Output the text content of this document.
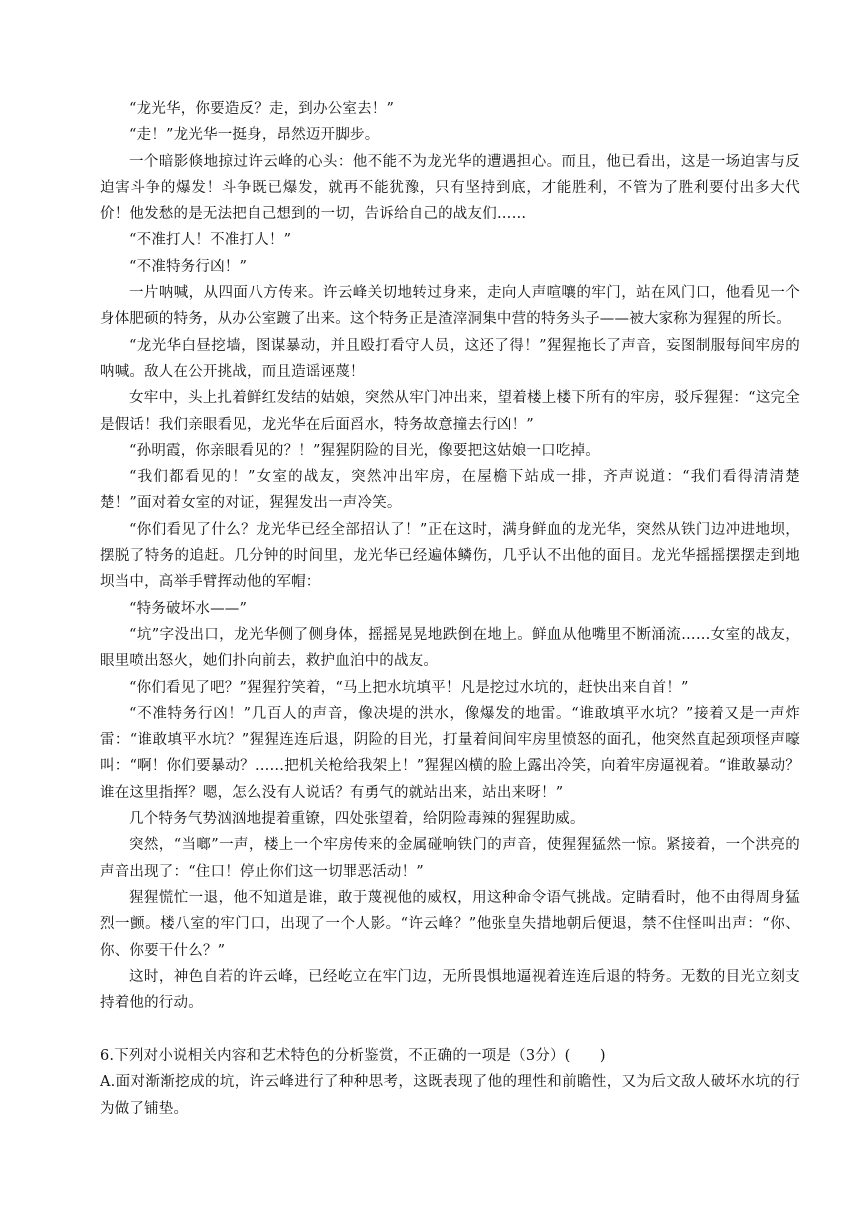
“龙光华，你要造反？走，到办公室去！”

“走！”龙光华一挺身，昂然迈开脚步。

一个暗影倏地掠过许云峰的心头：他不能不为龙光华的遭遇担心。而且，他已看出，这是一场迫害与反迫害斗争的爆发！斗争既已爆发，就再不能犹豫，只有坚持到底，才能胜利，不管为了胜利要付出多大代价！他发愁的是无法把自己想到的一切，告诉给自己的战友们……

“不准打人！不准打人！”

“不准特务行凶！”

一片呐喊，从四面八方传来。许云峰关切地转过身来，走向人声喧嚷的牢门，站在风门口，他看见一个身体肥硕的特务，从办公室踱了出来。这个特务正是渣滓洞集中营的特务头子——被大家称为猩猩的所长。

“龙光华白昼挖墙，图谋暴动，并且殴打看守人员，这还了得！”猩猩拖长了声音，妄图制服每间牢房的呐喊。敌人在公开挑战，而且造谣诬蔑！

女牢中，头上扎着鲜红发结的姑娘，突然从牢门冲出来，望着楼上楼下所有的牢房，驳斥猩猩：“这完全是假话！我们亲眼看见，龙光华在后面舀水，特务故意撞去行凶！”

“孙明霞，你亲眼看见的？！”猩猩阴险的目光，像要把这姑娘一口吃掉。

“我们都看见的！”女室的战友，突然冲出牢房，在屋檐下站成一排，齐声说道：“我们看得清清楚楚！”面对着女室的对证，猩猩发出一声冷笑。

“你们看见了什么？龙光华已经全部招认了！”正在这时，满身鲜血的龙光华，突然从铁门边冲进地坝，摆脱了特务的追赶。几分钟的时间里，龙光华已经遍体鳞伤，几乎认不出他的面目。龙光华摇摇摆摆走到地坝当中，高举手臂挥动他的军帽：

“特务破坏水——”

“坑”字没出口，龙光华侧了侧身体，摇摇晃晃地跌倒在地上。鲜血从他嘴里不断涌流……女室的战友，眼里喷出怒火，她们扑向前去，救护血泊中的战友。

“你们看见了吧？”猩猩狞笑着，“马上把水坑填平！凡是挖过水坑的，赶快出来自首！”

“不准特务行凶！”几百人的声音，像决堤的洪水，像爆发的地雷。“谁敢填平水坑？”接着又是一声炸雷：“谁敢填平水坑？”猩猩连连后退，阴险的目光，打量着间间牢房里愤怒的面孔，他突然直起颈项怪声嚎叫：“啊！你们要暴动？……把机关枪给我架上！”猩猩凶横的脸上露出冷笑，向着牢房逼视着。“谁敢暴动？谁在这里指挥？嗯，怎么没有人说话？有勇气的就站出来，站出来呀！”

几个特务气势汹汹地提着重镣，四处张望着，给阴险毒辣的猩猩助威。

突然，“当啷”一声，楼上一个牢房传来的金属碰响铁门的声音，使猩猩猛然一惊。紧接着，一个洪亮的声音出现了：“住口！停止你们这一切罪恶活动！”

猩猩慌忙一退，他不知道是谁，敢于蔑视他的威权，用这种命令语气挑战。定睛看时，他不由得周身猛烈一颤。楼八室的牢门口，出现了一个人影。“许云峰？”他张皇失措地朝后便退，禁不住怪叫出声：“你、你、你要干什么？”

这时，神色自若的许云峰，已经屹立在牢门边，无所畏惧地逼视着连连后退的特务。无数的目光立刻支持着他的行动。

6.下列对小说相关内容和艺术特色的分析鉴赏，不正确的一项是（3分）(　　)

A.面对渐渐挖成的坑，许云峰进行了种种思考，这既表现了他的理性和前瞻性，又为后文敌人破坏水坑的行为做了铺垫。
